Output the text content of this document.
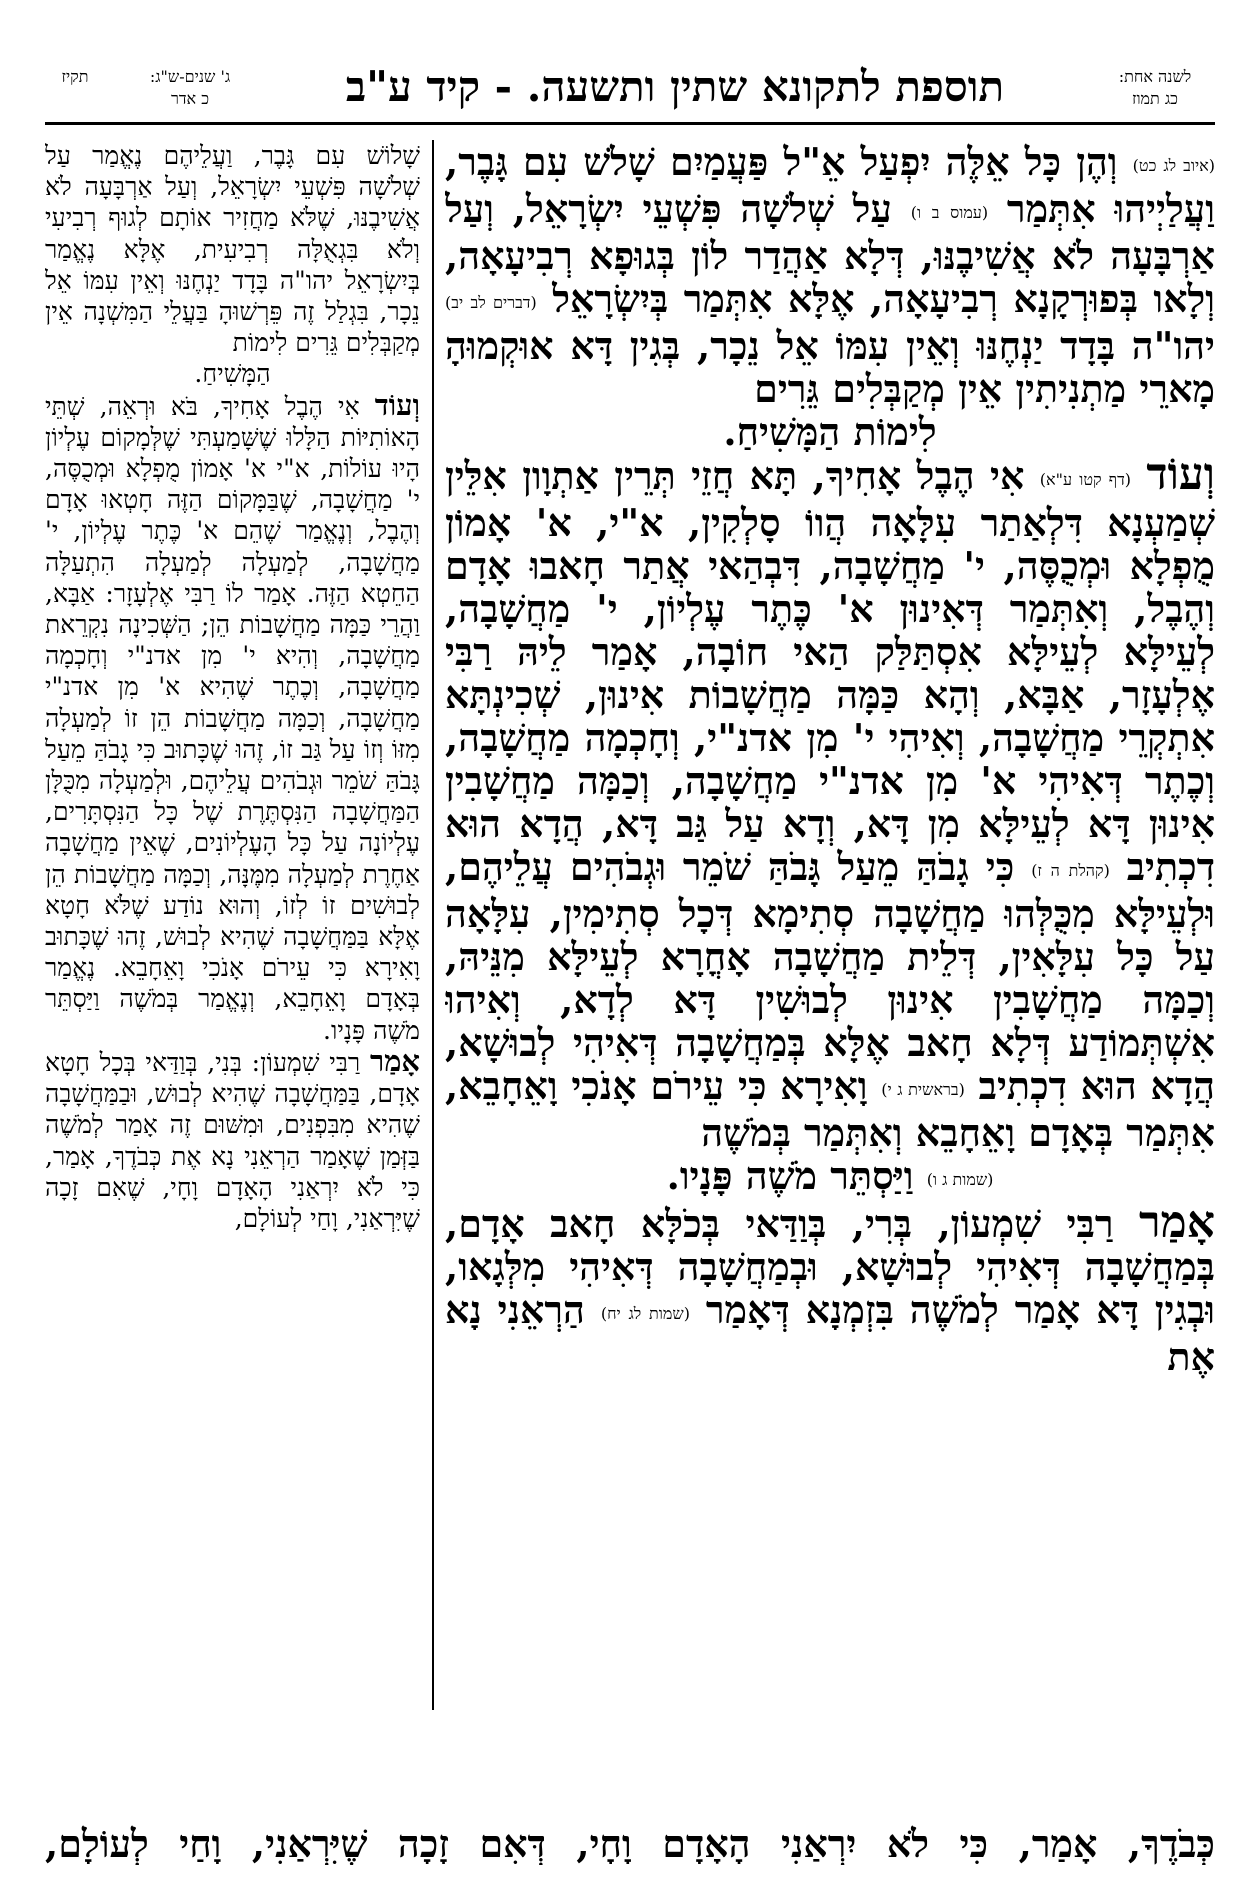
לשנה אחת:
כג תמוז
תוספת לתקונא שתין ותשעה. - קיד ע"ב
ג' שנים-ש"ג:
כ אדר
תקיז

(איוב לג כט) וְהֶן כָּל אֵלֶּה יִפְעַל אֵ"ל פַּעֲמַיִם שָׁלֹשׁ עִם גָּבֶר, וַעֲלַיְיהוּ אִתְּמַר (עמוס ב ו) עַל שְׁלֹשָׁה פִּשְׁעֵי יִשְׂרָאֵל, וְעַל אַרְבָּעָה לֹא אֲשִׁיבֶנּוּ, דְּלָא אַהֲדַר לוֹן בְּגוּפָא רְבִיעָאָה, וְלָאו בְּפוּרְקָנָא רְבִיעָאָה, אֶלָּא אִתְּמַר בְּיִשְׂרָאֵל (דברים לב יב) יהו"ה בָּדָד יַנְחֶנּוּ וְאֵין עִמּוֹ אֵל נֵכָר, בְּגִין דָּא אוּקְמוּהָ מָארֵי מַתְנִיתִין אֵין מְקַבְּלִים גֵּרִים
לִימוֹת הַמָּשִׁיחַ.

וְעוֹד (דף קטו ע"א) אִי הֶבֶל אָחִיךָ, תָּא חֲזֵי תְּרֵין אַתְוָון אִלֵּין שְׁמַעְנָא דִּלְאַתַר עִלָּאָה הֲווֹ סָלְקִין, א"י, א' אָמוֹן מֻפְלָא וּמְכֻסֶּה, י' מַחֲשָׁבָה, דִּבְהַאי אֲתַר חָאבוּ אָדָם וְהֶבֶל, וְאִתְּמַר דְּאִינוּן א' כֶּתֶר עֶלְיוֹן, י' מַחֲשָׁבָה, לְעֵילָּא לְעֵילָּא אִסְתַּלַּק הַאי חוֹבָה, אָמַר לֵיהּ רַבִּי אֶלְעָזָר, אַבָּא, וְהָא כַּמָּה מַחֲשָׁבוֹת אִינוּן, שְׁכִינְתָּא אִתְקְרֵי מַחֲשָׁבָה, וְאִיהִי י' מִן אדנ"י, וְחָכְמָה מַחֲשָׁבָה, וְכֶתֶר דְּאִיהִי א' מִן אדנ"י מַחֲשָׁבָה, וְכַמָּה מַחֲשָׁבִין אִינוּן דָּא לְעֵילָּא מִן דָּא, וְדָא עַל גַּב דָּא, הֲדָא הוּא דִכְתִיב (קהלת ה ז) כִּי גָבֹהַּ מֵעַל גָּבֹהַּ שֹׁמֵר וּגְבֹהִים עֲלֵיהֶם, וּלְעֵילָּא מִכֻּלְּהוּ מַחֲשָׁבָה סְתִימָא דְּכָל סְתִימִין, עִלָּאָה עַל כָּל עִלָּאִין, דְּלֵית מַחֲשָׁבָה אָחֳרָא לְעֵילָּא מִנֵּיהּ, וְכַמָּה מַחֲשָׁבִין אִינוּן לְבוּשִׁין דָּא לְדָא, וְאִיהוּ אִשְׁתְּמוֹדַע דְּלָא חָאב אֶלָּא בְּמַחֲשָׁבָה דְּאִיהִי לְבוּשָׁא, הֲדָא הוּא דִכְתִיב (בראשית ג י) וָאִירָא כִּי עֵירֹם אָנֹכִי וָאֵחָבֵא, אִתְּמַר בְּאָדָם וָאֵחָבֵא וְאִתְּמַר בְּמֹשֶׁה
(שמות ג ו) וַיַּסְתֵּר מֹשֶׁה פָּנָיו.

אָמַר רַבִּי שִׁמְעוֹן, בְּרִי, בְּוַדַּאי בְּכֹלָּא חָאב אָדָם, בְּמַחֲשָׁבָה דְּאִיהִי לְבוּשָׁא, וּבְמַחֲשָׁבָה דְּאִיהִי מִלְּגָאו, וּבְגִין דָּא אָמַר לְמֹשֶׁה בִּזְמְנָא דְּאָמַר (שמות לג יח) הַרְאֵנִי נָא אֶת

שָׁלוֹשׁ עִם גָּבֶר, וַעֲלֵיהֶם נֶאֱמַר עַל שְׁלֹשָׁה פִּשְׁעֵי יִשְׂרָאֵל, וְעַל אַרְבָּעָה לֹא אֲשִׁיבֶנּוּ, שֶׁלֹּא מַחֲזִיר אוֹתָם לְגוּף רְבִיעִי וְלֹא בִּגְאֻלָּה רְבִיעִית, אֶלָּא נֶאֱמַר בְּיִשְׂרָאֵל יהו"ה בָּדָד יַנְחֶנּוּ וְאֵין עִמּוֹ אֵל נֵכָר, בִּגְלַל זֶה פֵּרְשׁוּהָ בַּעֲלֵי הַמִּשְׁנָה אֵין מְקַבְּלִים גֵּרִים לִימוֹת
הַמָּשִׁיחַ.

וְעוֹד אִי הֶבֶל אָחִיךָ, בֹּא וּרְאֵה, שְׁתֵּי הָאוֹתִיּוֹת הַלָּלוּ שֶׁשָּׁמַעְתִּי שֶׁלְּמָקוֹם עֶלְיוֹן הָיוּ עוֹלוֹת, א"י א' אָמוֹן מֻפְלָא וּמְכֻסֶּה, י' מַחֲשָׁבָה, שֶׁבַּמָּקוֹם הַזֶּה חָטְאוּ אָדָם וְהֶבֶל, וְנֶאֱמַר שֶׁהֵם א' כֶּתֶר עֶלְיוֹן, י' מַחֲשָׁבָה, לְמַעְלָה לְמַעְלָה הִתְעַלָּה הַחֵטְא הַזֶּה. אָמַר לוֹ רַבִּי אֶלְעָזָר: אַבָּא, וַהֲרֵי כַּמָּה מַחֲשָׁבוֹת הֵן; הַשְּׁכִינָה נִקְרֵאת מַחֲשָׁבָה, וְהִיא י' מִן אדנ"י וְחָכְמָה מַחֲשָׁבָה, וְכֶתֶר שֶׁהִיא א' מִן אדנ"י מַחֲשָׁבָה, וְכַמָּה מַחֲשָׁבוֹת הֵן זוֹ לְמַעְלָה מִזּוֹ וְזוֹ עַל גַּב זוֹ, זֶהוּ שֶׁכָּתוּב כִּי גָבֹהַּ מֵעַל גָּבֹהַּ שֹׁמֵר וּגְבֹהִים עֲלֵיהֶם, וּלְמַעְלָה מִכֻּלָּן הַמַּחֲשָׁבָה הַנִּסְתֶּרֶת שֶׁל כָּל הַנִּסְתָּרִים, עֶלְיוֹנָה עַל כָּל הָעֶלְיוֹנִים, שֶׁאֵין מַחֲשָׁבָה אַחֶרֶת לְמַעְלָה מִמֶּנָּה, וְכַמָּה מַחֲשָׁבוֹת הֵן לְבוּשִׁים זוֹ לְזוֹ, וְהוּא נוֹדַע שֶׁלֹּא חָטָא אֶלָּא בַּמַּחֲשָׁבָה שֶׁהִיא לְבוּשׁ, זֶהוּ שֶׁכָּתוּב וָאִירָא כִּי עֵירֹם אָנֹכִי וָאֵחָבֵא. נֶאֱמַר בְּאָדָם וָאֵחָבֵא, וְנֶאֱמַר בְּמֹשֶׁה וַיַּסְתֵּר מֹשֶׁה פָּנָיו.

אָמַר רַבִּי שִׁמְעוֹן: בְּנִי, בְּוַדַּאי בְּכָל חָטָא אָדָם, בַּמַּחֲשָׁבָה שֶׁהִיא לְבוּשׁ, וּבַמַּחֲשָׁבָה שֶׁהִיא מִבִּפְנִים, וּמִשּׁוּם זֶה אָמַר לְמֹשֶׁה בַּזְּמַן שֶׁאָמַר הַרְאֵנִי נָא אֶת כְּבֹדֶךָ, אָמַר, כִּי לֹא יִרְאַנִי הָאָדָם וָחָי, שֶׁאִם זָכָה שֶׁיִּרְאַנִי, וָחַי לְעוֹלָם,

כְּבֹדֶךָ, אָמַר, כִּי לֹא יִרְאַנִי הָאָדָם וָחָי, דְּאִם זָכָה שֶׁיִּרְאַנִי, וָחַי לְעוֹלָם,
